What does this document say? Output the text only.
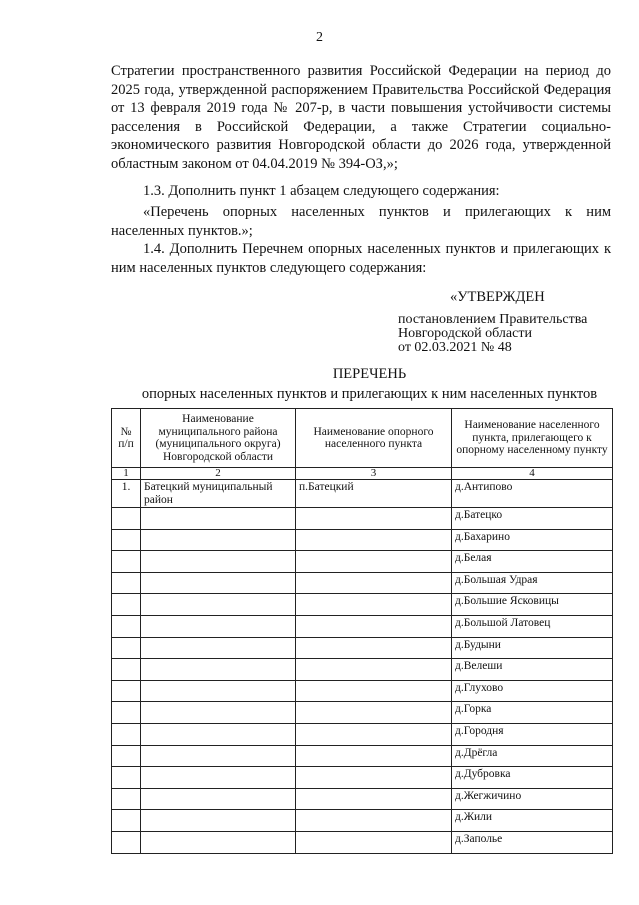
2

Стратегии пространственного развития Российской Федерации на период до 2025 года, утвержденной распоряжением Правительства Российской Федерация от 13 февраля 2019 года № 207-р, в части повышения устойчивости системы расселения в Российской Федерации, а также Стратегии социально-экономического развития Новгородской области до 2026 года, утвержденной областным законом от 04.04.2019 № 394-ОЗ,»;

1.3. Дополнить пункт 1 абзацем следующего содержания:

«Перечень опорных населенных пунктов и прилегающих к ним населенных пунктов.»;

1.4. Дополнить Перечнем опорных населенных пунктов и прилегающих к ним населенных пунктов следующего содержания:

«УТВЕРЖДЕН
постановлением Правительства
Новгородской области
от 02.03.2021 № 48
ПЕРЕЧЕНЬ
опорных населенных пунктов и прилегающих к ним населенных пунктов
№ п/п	Наименование муниципального района (муниципального округа) Новгородской области	Наименование опорного населенного пункта	Наименование населенного пункта, прилегающего к опорному населенному пункту
1	2	3	4
1.	Батецкий муниципальный район	п.Батецкий	д.Антипово
			д.Батецко
			д.Бахарино
			д.Белая
			д.Большая Удрая
			д.Большие Ясковицы
			д.Большой Латовец
			д.Будыни
			д.Велеши
			д.Глухово
			д.Горка
			д.Городня
			д.Дрёгла
			д.Дубровка
			д.Жегжичино
			д.Жили
			д.Заполье
